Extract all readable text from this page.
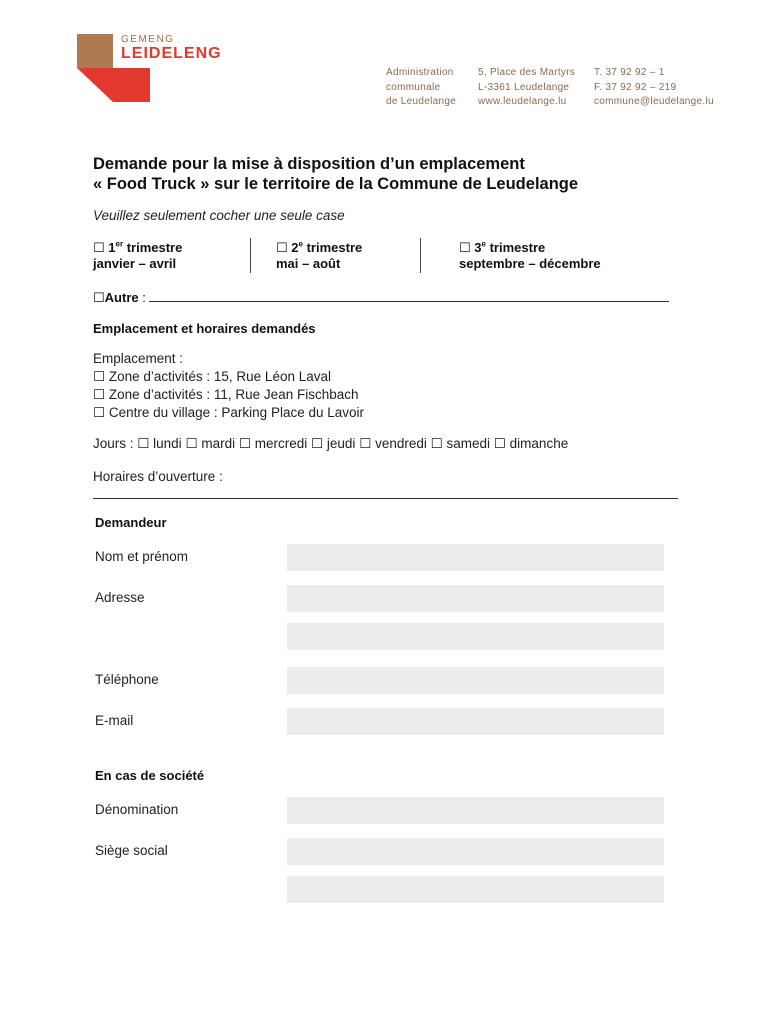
GEMENG
LEIDELENG
Administration
communale
de Leudelange
5, Place des Martyrs
L-3361 Leudelange
www.leudelange.lu
T. 37 92 92 – 1
F. 37 92 92 – 219
commune@leudelange.lu
Demande pour la mise à disposition d’un emplacement
« Food Truck » sur le territoire de la Commune de Leudelange
Veuillez seulement cocher une seule case
☐ 1er trimestre
janvier – avril
☐ 2e trimestre
mai – août
☐ 3e trimestre
septembre – décembre
☐Autre :
Emplacement et horaires demandés
Emplacement :
☐ Zone d’activités : 15, Rue Léon Laval
☐ Zone d’activités : 11, Rue Jean Fischbach
☐ Centre du village : Parking Place du Lavoir
Jours : ☐ lundi ☐ mardi ☐ mercredi ☐ jeudi ☐ vendredi ☐ samedi ☐ dimanche
Horaires d’ouverture :
Demandeur
Nom et prénom
Adresse
Téléphone
E-mail
En cas de société
Dénomination
Siège social
